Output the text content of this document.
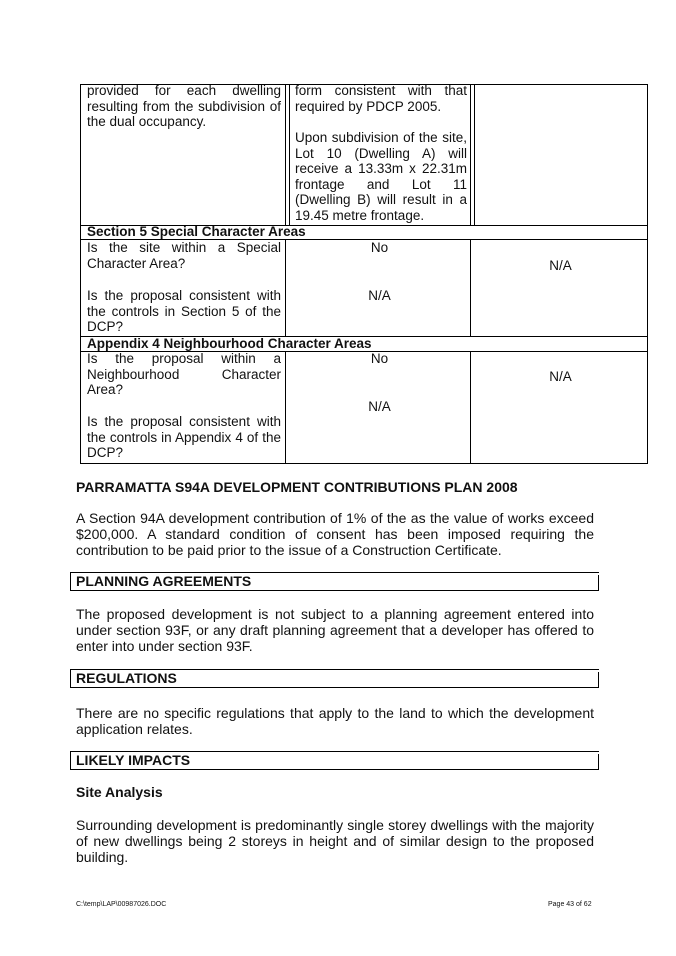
provided for each dwelling resulting from the subdivision of the dual occupancy.
form consistent with that required by PDCP 2005.
Upon subdivision of the site, Lot 10 (Dwelling A) will receive a 13.33m x 22.31m frontage and Lot 11 (Dwelling B) will result in a 19.45 metre frontage.
Section 5 Special Character Areas
Is the site within a Special Character Area?
No
Is the proposal consistent with the controls in Section 5 of the DCP?
N/A
N/A
Appendix 4 Neighbourhood Character Areas
Is the proposal within a Neighbourhood Character Area?
No
Is the proposal consistent with the controls in Appendix 4 of the DCP?
N/A
N/A
PARRAMATTA S94A DEVELOPMENT CONTRIBUTIONS PLAN 2008
A Section 94A development contribution of 1% of the as the value of works exceed $200,000. A standard condition of consent has been imposed requiring the contribution to be paid prior to the issue of a Construction Certificate.
PLANNING AGREEMENTS
The proposed development is not subject to a planning agreement entered into under section 93F, or any draft planning agreement that a developer has offered to enter into under section 93F.
REGULATIONS
There are no specific regulations that apply to the land to which the development application relates.
LIKELY IMPACTS
Site Analysis
Surrounding development is predominantly single storey dwellings with the majority of new dwellings being 2 storeys in height and of similar design to the proposed building.
C:\temp\LAP\00987026.DOC	Page 43 of 62
